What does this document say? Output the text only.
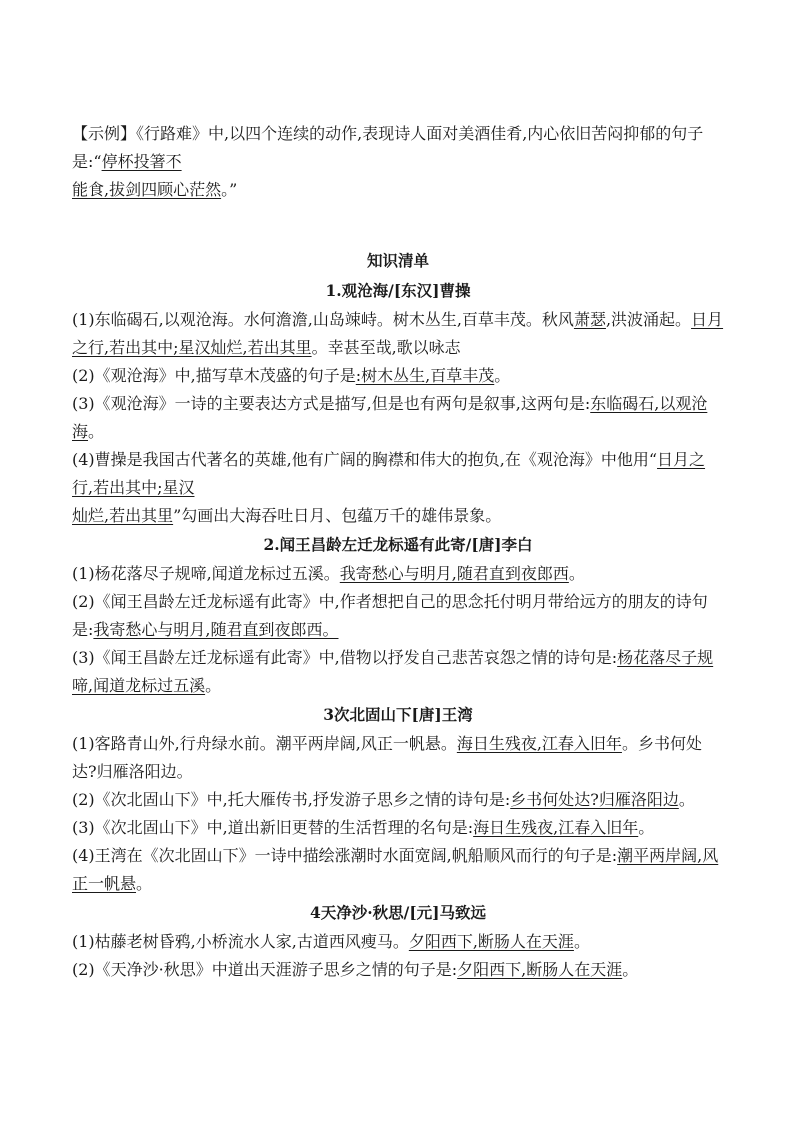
【示例】《行路难》中,以四个连续的动作,表现诗人面对美酒佳肴,内心依旧苦闷抑郁的句子是:“停杯投箸不
能食,拔剑四顾心茫然。”
知识清单
1.观沧海/[东汉]曹操
(1)东临碣石,以观沧海。水何澹澹,山岛竦峙。树木丛生,百草丰茂。秋风萧瑟,洪波涌起。日月之行,若出其中;星汉灿烂,若出其里。幸甚至哉,歌以咏志
(2)《观沧海》中,描写草木茂盛的句子是:树木丛生,百草丰茂。
(3)《观沧海》一诗的主要表达方式是描写,但是也有两句是叙事,这两句是:东临碣石,以观沧海。
(4)曹操是我国古代著名的英雄,他有广阔的胸襟和伟大的抱负,在《观沧海》中他用“日月之行,若出其中;星汉
灿烂,若出其里”勾画出大海吞吐日月、包蕴万千的雄伟景象。
2.闻王昌龄左迁龙标遥有此寄/[唐]李白
(1)杨花落尽子规啼,闻道龙标过五溪。我寄愁心与明月,随君直到夜郎西。
(2)《闻王昌龄左迁龙标遥有此寄》中,作者想把自己的思念托付明月带给远方的朋友的诗句是:我寄愁心与明月,随君直到夜郎西。
(3)《闻王昌龄左迁龙标遥有此寄》中,借物以抒发自己悲苦哀怨之情的诗句是:杨花落尽子规啼,闻道龙标过五溪。
3次北固山下[唐]王湾
(1)客路青山外,行舟绿水前。潮平两岸阔,风正一帆悬。海日生残夜,江春入旧年。乡书何处达?归雁洛阳边。
(2)《次北固山下》中,托大雁传书,抒发游子思乡之情的诗句是:乡书何处达?归雁洛阳边。
(3)《次北固山下》中,道出新旧更替的生活哲理的名句是:海日生残夜,江春入旧年。
(4)王湾在《次北固山下》一诗中描绘涨潮时水面宽阔,帆船顺风而行的句子是:潮平两岸阔,风正一帆悬。
4天净沙·秋思/[元]马致远
(1)枯藤老树昏鸦,小桥流水人家,古道西风瘦马。夕阳西下,断肠人在天涯。
(2)《天净沙·秋思》中道出天涯游子思乡之情的句子是:夕阳西下,断肠人在天涯。
